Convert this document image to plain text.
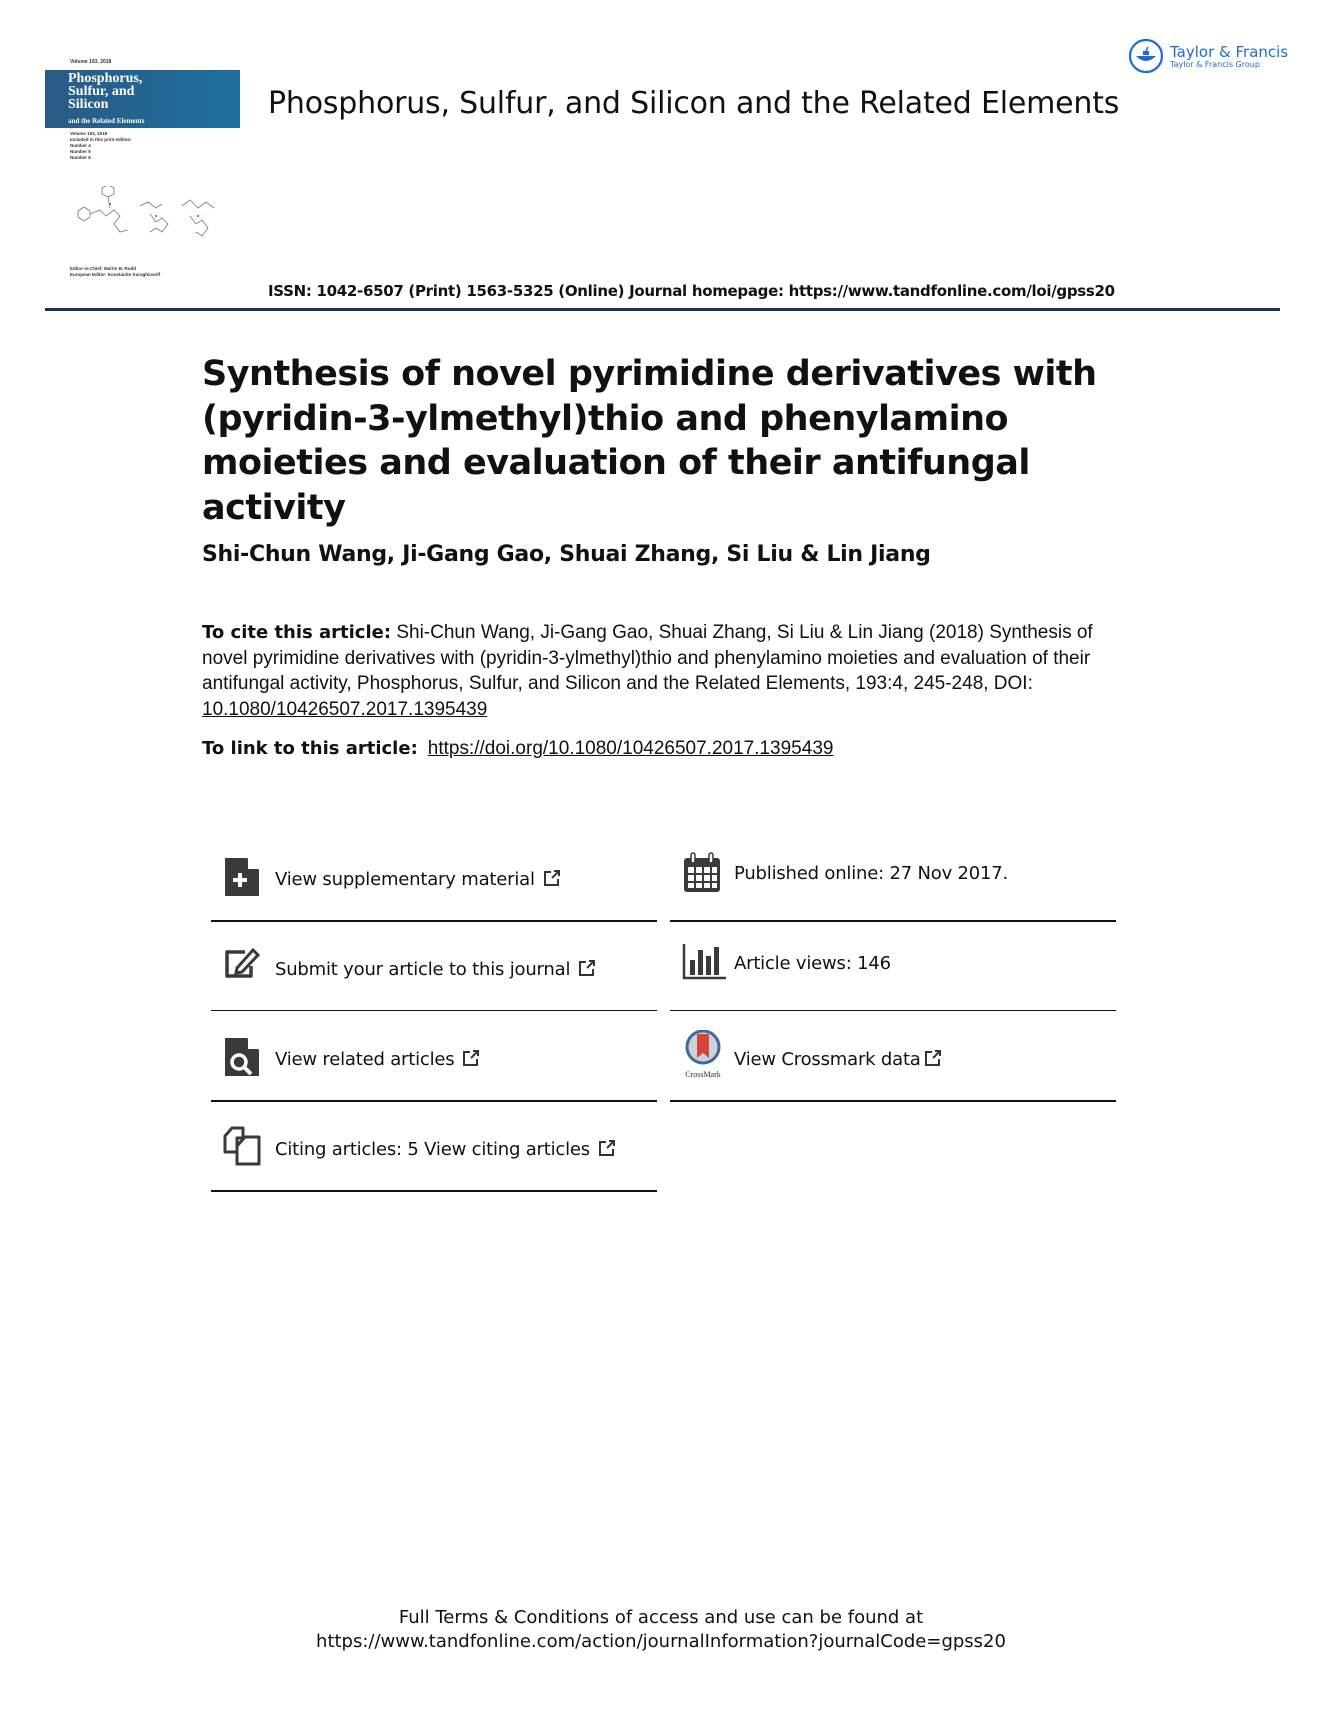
Volume 193, 2018
Phosphorus,
Sulfur, and
Silicon
and the Related Elements
Volume 193, 2018
Included in this print edition:
Number 4
Number 5
Number 6
Editor-in-Chief: Martin B. Rudd
European Editor: Konstantin Karaghiosoff
Taylor & Francis
Taylor & Francis Group
Phosphorus, Sulfur, and Silicon and the Related Elements
ISSN: 1042-6507 (Print) 1563-5325 (Online) Journal homepage: https://www.tandfonline.com/loi/gpss20
Synthesis of novel pyrimidine derivatives with (pyridin-3-ylmethyl)thio and phenylamino moieties and evaluation of their antifungal activity
Shi-Chun Wang, Ji-Gang Gao, Shuai Zhang, Si Liu & Lin Jiang
To cite this article: Shi-Chun Wang, Ji-Gang Gao, Shuai Zhang, Si Liu & Lin Jiang (2018) Synthesis of novel pyrimidine derivatives with (pyridin-3-ylmethyl)thio and phenylamino moieties and evaluation of their antifungal activity, Phosphorus, Sulfur, and Silicon and the Related Elements, 193:4, 245-248, DOI: 10.1080/10426507.2017.1395439
To link to this article: https://doi.org/10.1080/10426507.2017.1395439
View supplementary material
Submit your article to this journal
View related articles
Citing articles: 5 View citing articles
Published online: 27 Nov 2017.
Article views: 146
CrossMark
View Crossmark data
Full Terms & Conditions of access and use can be found at
https://www.tandfonline.com/action/journalInformation?journalCode=gpss20
